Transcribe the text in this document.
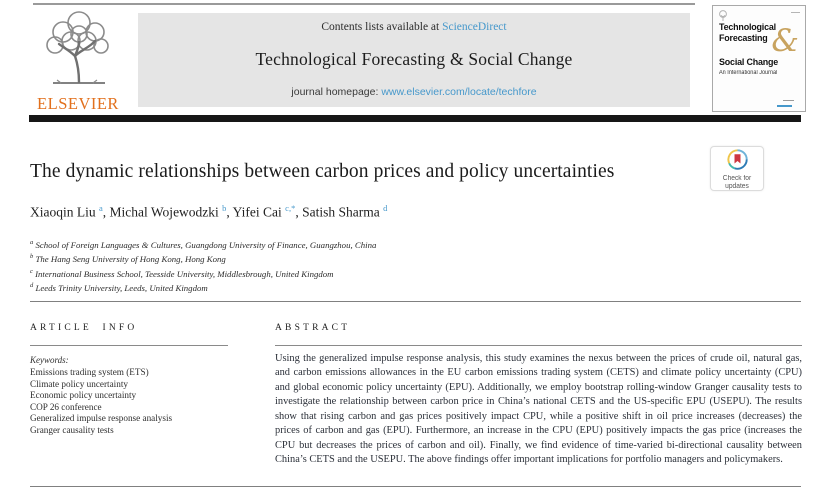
ELSEVIER
Contents lists available at ScienceDirect
Technological Forecasting & Social Change
journal homepage: www.elsevier.com/locate/techfore
&
Technological
Forecasting
Social Change
An International Journal
Check for
updates
The dynamic relationships between carbon prices and policy uncertainties
Xiaoqin Liu $^a$, Michal Wojewodzki $^b$, Yifei Cai $^{c,*}$, Satish Sharma $^d$
$^a$ School of Foreign Languages & Cultures, Guangdong University of Finance, Guangzhou, China
$^b$ The Hang Seng University of Hong Kong, Hong Kong
$^c$ International Business School, Teesside University, Middlesbrough, United Kingdom
$^d$ Leeds Trinity University, Leeds, United Kingdom
ARTICLE INFO
Keywords:
Emissions trading system (ETS)
Climate policy uncertainty
Economic policy uncertainty
COP 26 conference
Generalized impulse response analysis
Granger causality tests
ABSTRACT
Using the generalized impulse response analysis, this study examines the nexus between the prices of crude oil, natural gas, and carbon emissions allowances in the EU carbon emissions trading system (CETS) and climate policy uncertainty (CPU) and global economic policy uncertainty (EPU). Additionally, we employ bootstrap rolling-window Granger causality tests to investigate the relationship between carbon price in China’s national CETS and the US-specific EPU (USEPU). The results show that rising carbon and gas prices positively impact CPU, while a positive shift in oil price increases (decreases) the prices of carbon and gas (EPU). Furthermore, an increase in the CPU (EPU) positively impacts the gas price (increases the CPU but decreases the prices of carbon and oil). Finally, we find evidence of time-varied bi-directional causality between China’s CETS and the USEPU. The above findings offer important implications for portfolio managers and policymakers.
